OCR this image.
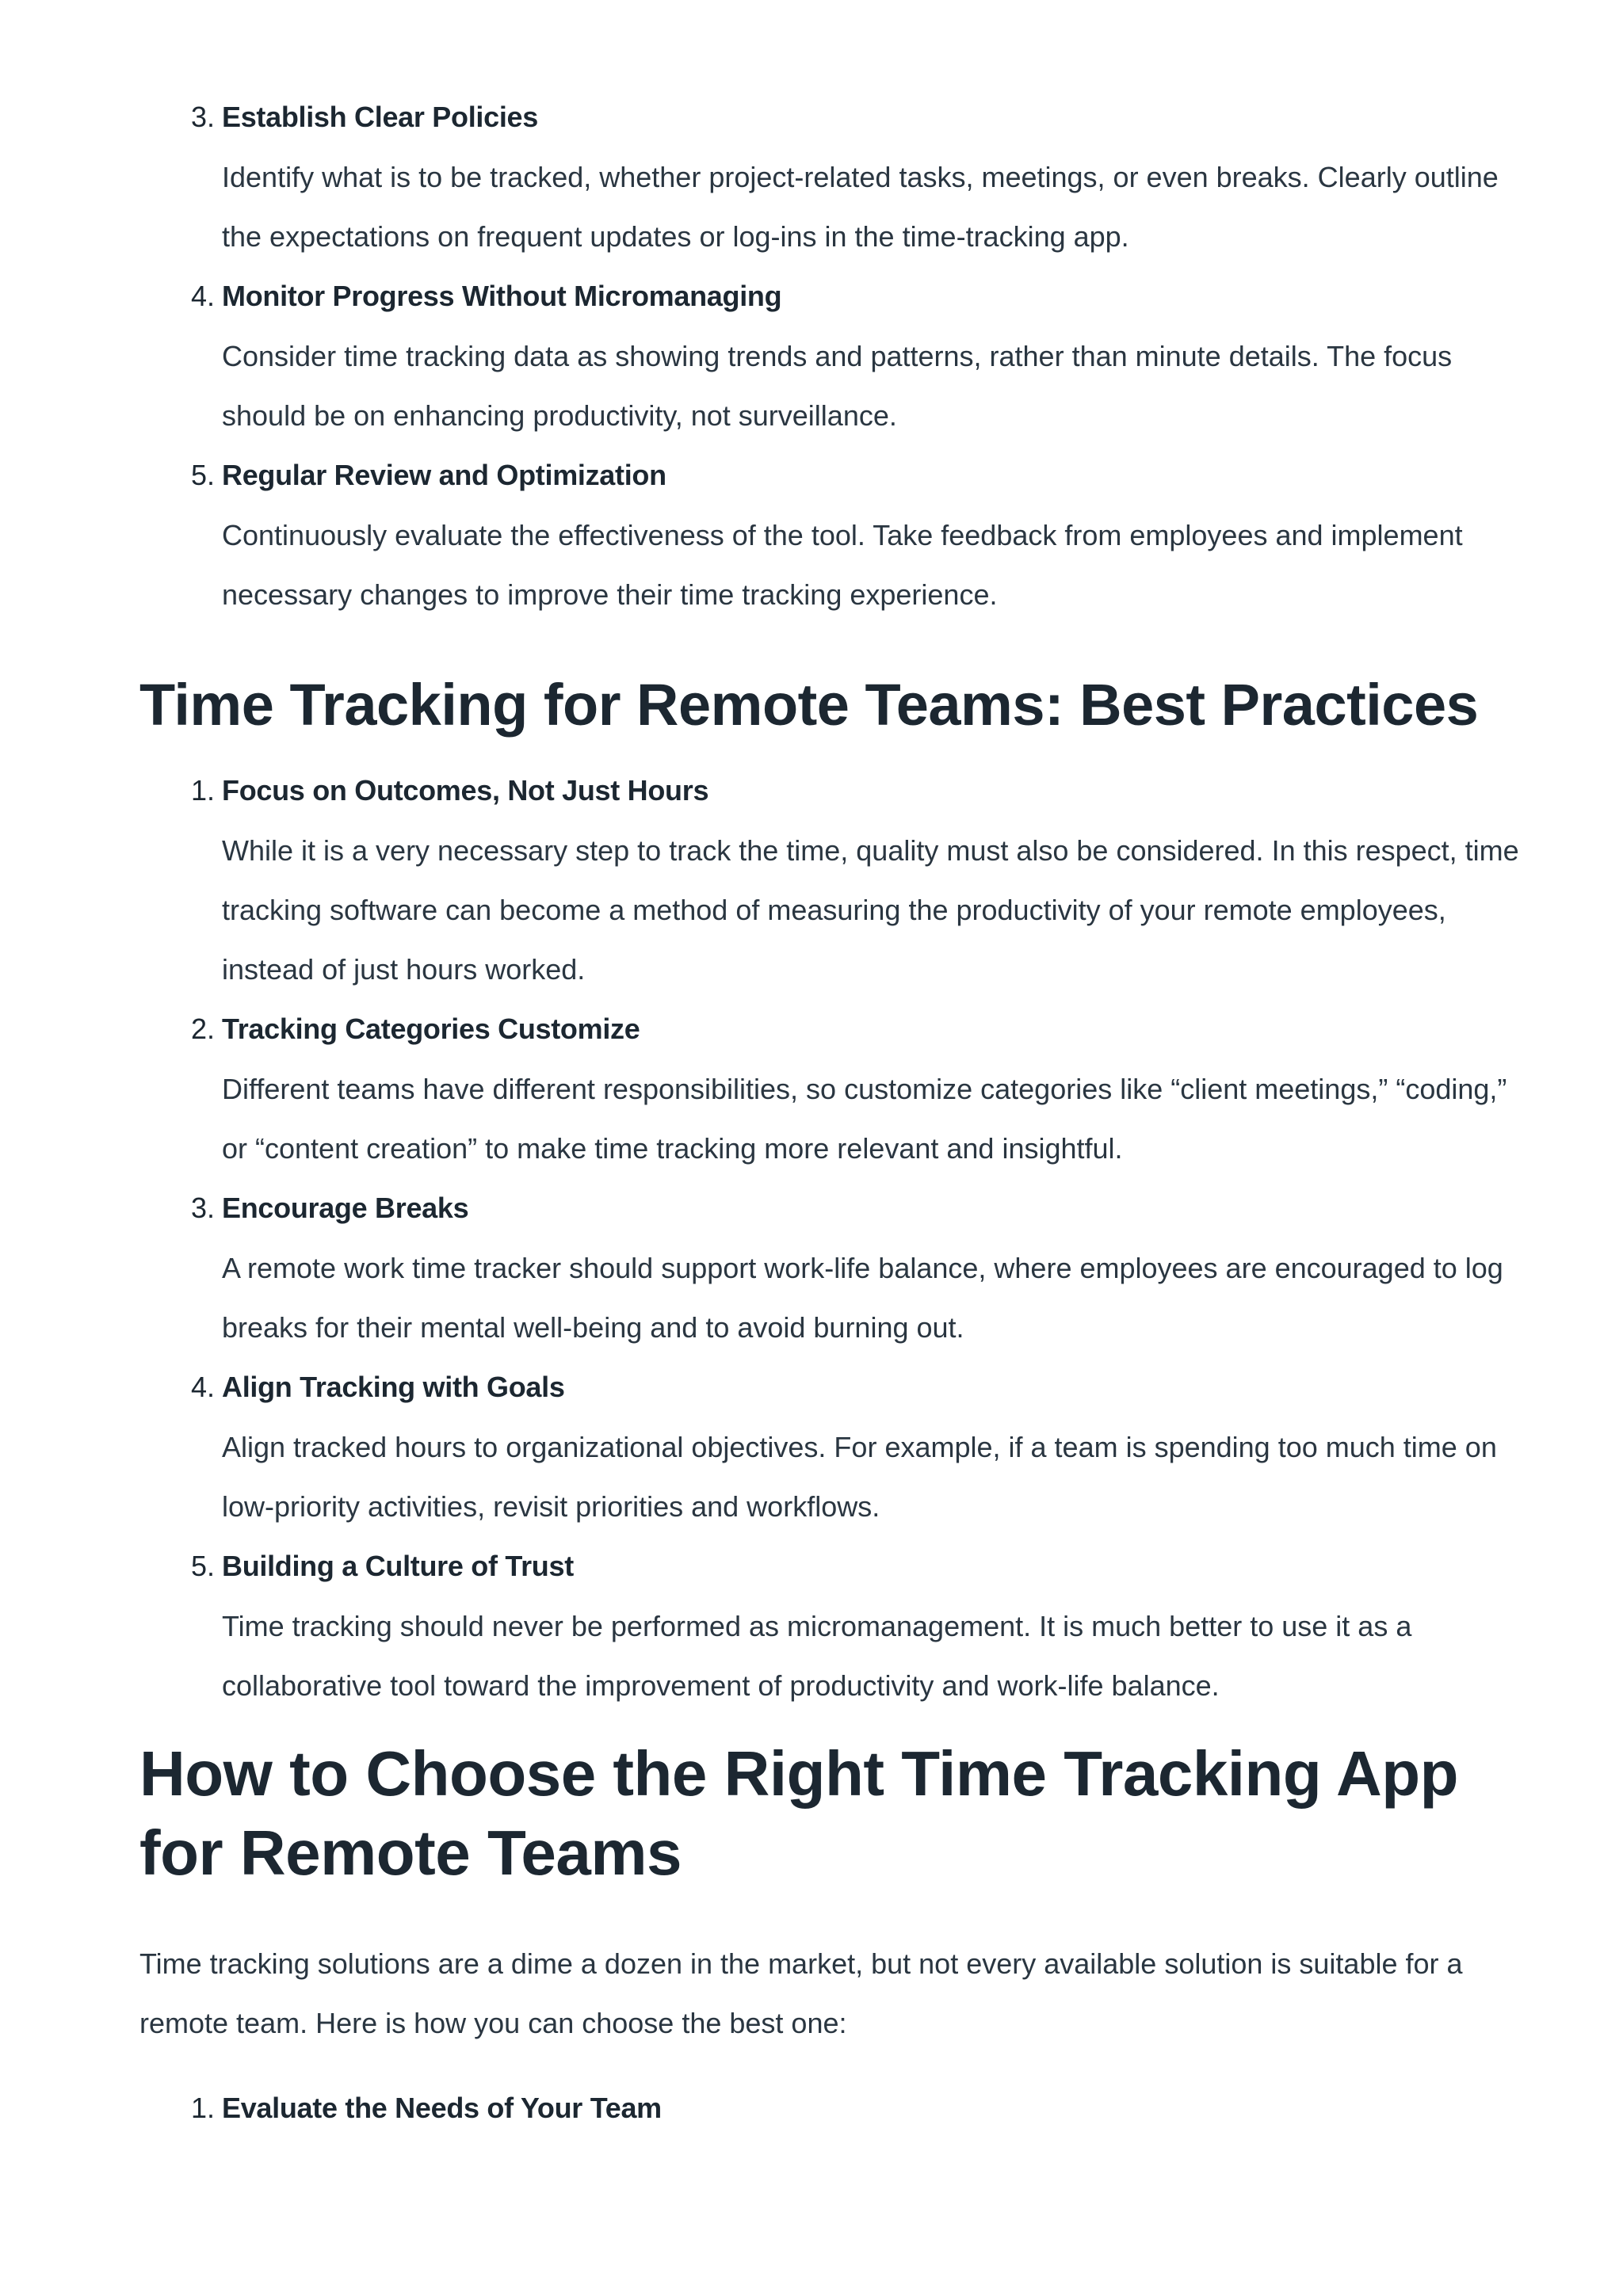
3. Establish Clear Policies
Identify what is to be tracked, whether project-related tasks, meetings, or even breaks. Clearly outline the expectations on frequent updates or log-ins in the time-tracking app.
4. Monitor Progress Without Micromanaging
Consider time tracking data as showing trends and patterns, rather than minute details. The focus should be on enhancing productivity, not surveillance.
5. Regular Review and Optimization
Continuously evaluate the effectiveness of the tool. Take feedback from employees and implement necessary changes to improve their time tracking experience.
Time Tracking for Remote Teams: Best Practices
1. Focus on Outcomes, Not Just Hours
While it is a very necessary step to track the time, quality must also be considered. In this respect, time tracking software can become a method of measuring the productivity of your remote employees, instead of just hours worked.
2. Tracking Categories Customize
Different teams have different responsibilities, so customize categories like “client meetings,” “coding,” or “content creation” to make time tracking more relevant and insightful.
3. Encourage Breaks
A remote work time tracker should support work-life balance, where employees are encouraged to log breaks for their mental well-being and to avoid burning out.
4. Align Tracking with Goals
Align tracked hours to organizational objectives. For example, if a team is spending too much time on low-priority activities, revisit priorities and workflows.
5. Building a Culture of Trust
Time tracking should never be performed as micromanagement. It is much better to use it as a collaborative tool toward the improvement of productivity and work-life balance.
How to Choose the Right Time Tracking App for Remote Teams

Time tracking solutions are a dime a dozen in the market, but not every available solution is suitable for a remote team. Here is how you can choose the best one:

1. Evaluate the Needs of Your Team
